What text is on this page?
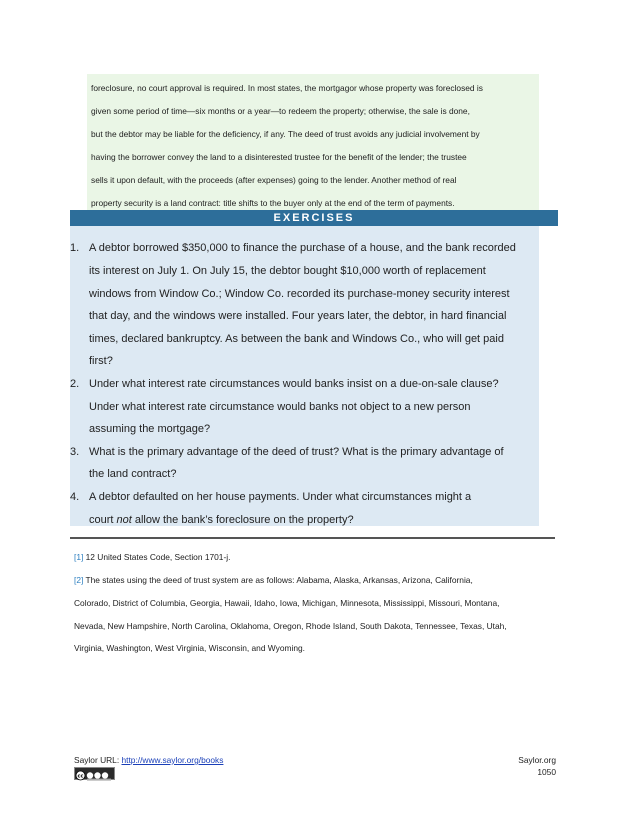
foreclosure, no court approval is required. In most states, the mortgagor whose property was foreclosed is
given some period of time—six months or a year—to redeem the property; otherwise, the sale is done,
but the debtor may be liable for the deficiency, if any. The deed of trust avoids any judicial involvement by
having the borrower convey the land to a disinterested trustee for the benefit of the lender; the trustee
sells it upon default, with the proceeds (after expenses) going to the lender. Another method of real
property security is a land contract: title shifts to the buyer only at the end of the term of payments.
EXERCISES
1. A debtor borrowed $350,000 to finance the purchase of a house, and the bank recorded
its interest on July 1. On July 15, the debtor bought $10,000 worth of replacement
windows from Window Co.; Window Co. recorded its purchase-money security interest
that day, and the windows were installed. Four years later, the debtor, in hard financial
times, declared bankruptcy. As between the bank and Windows Co., who will get paid
first?
2. Under what interest rate circumstances would banks insist on a due-on-sale clause?
Under what interest rate circumstance would banks not object to a new person
assuming the mortgage?
3. What is the primary advantage of the deed of trust? What is the primary advantage of
the land contract?
4. A debtor defaulted on her house payments. Under what circumstances might a
court not allow the bank’s foreclosure on the property?
[1] 12 United States Code, Section 1701-j.
[2] The states using the deed of trust system are as follows: Alabama, Alaska, Arkansas, Arizona, California,
Colorado, District of Columbia, Georgia, Hawaii, Idaho, Iowa, Michigan, Minnesota, Mississippi, Missouri, Montana,
Nevada, New Hampshire, North Carolina, Oklahoma, Oregon, Rhode Island, South Dakota, Tennessee, Texas, Utah,
Virginia, Washington, West Virginia, Wisconsin, and Wyoming.
Saylor URL: http://www.saylor.org/books	Saylor.org
1050
cc
